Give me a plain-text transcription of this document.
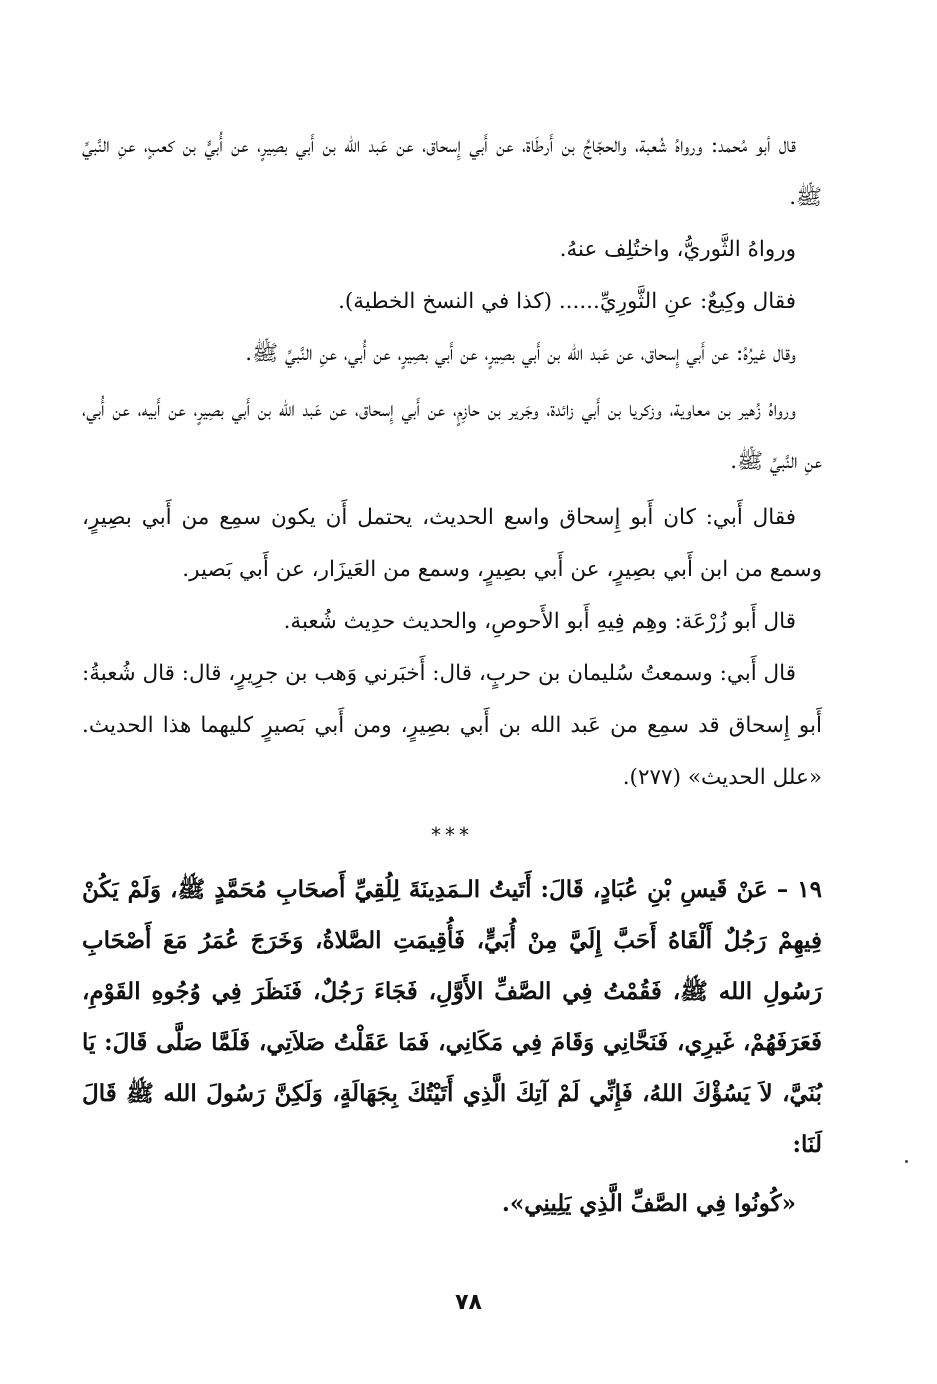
قال أبو مُحمد: ورواهُ شُعبة، والحجّاجُ بن أَرطَاة، عن أَبي إِسحاق، عن عَبد الله بن أَبي بصِيرٍ، عن أُبيٍّ بن كعبٍ، عنِ النَّبيِّ ﷺ.

ورواهُ الثَّوريُّ، واختُلِف عنهُ.

فقال وكِيعٌ: عنِ الثَّورِيِّ...... (كذا في النسخ الخطية).

وقال غيرُهُ: عن أَبي إِسحاق، عن عَبد الله بن أَبي بصِيرٍ، عن أَبي بصِيرٍ، عن أُبي، عنِ النَّبيِّ ﷺ.

ورواهُ زُهير بن معاوية، وزكريا بن أَبي زائدة، وجَرير بن حازِمٍ، عن أَبي إِسحاق، عن عَبد الله بن أَبي بصِيرٍ، عن أَبيه، عن أُبي، عنِ النَّبيِّ ﷺ.

فقال أَبي: كان أَبو إِسحاق واسع الحديث، يحتمل أَن يكون سمِع من أَبي بصِيرٍ، وسمع من ابن أَبي بصِيرٍ، عن أَبي بصِيرٍ، وسمع من العَيزَار، عن أَبي بَصير.

قال أَبو زُرْعَة: وهِم فِيهِ أَبو الأَحوصِ، والحديث حدِيث شُعبة.

قال أَبي: وسمعتُ سُليمان بن حربٍ، قال: أَخبَرني وَهب بن جرِيرٍ، قال: قال شُعبةُ: أَبو إِسحاق قد سمِع من عَبد الله بن أَبي بصِيرٍ، ومن أَبي بَصيرٍ كليهما هذا الحديث. «علل الحديث» (٢٧٧).

***

١٩ – عَنْ قَيسِ بْنِ عُبَادٍ، قَالَ: أَتَيتُ الـمَدِينَةَ لِلُقِيِّ أَصحَابِ مُحَمَّدٍ ﷺ، وَلَمْ يَكُنْ فِيهِمْ رَجُلٌ أَلْقَاهُ أَحَبَّ إِلَيَّ مِنْ أُبَيٍّ، فَأُقِيمَتِ الصَّلاةُ، وَخَرَجَ عُمَرُ مَعَ أَصْحَابِ رَسُولِ الله ﷺ، فَقُمْتُ فِي الصَّفِّ الأَوَّلِ، فَجَاءَ رَجُلٌ، فَنَظَرَ فِي وُجُوهِ القَوْمِ، فَعَرَفَهُمْ، غَيرِي، فَنَحَّانِي وَقَامَ فِي مَكَانِي، فَمَا عَقَلْتُ صَلاَتِي، فَلَمَّا صَلَّى قَالَ: يَا بُنَيَّ، لاَ يَسُؤْكَ اللهُ، فَإِنِّي لَمْ آتِكَ الَّذِي أَتَيْتُكَ بِجَهَالَةٍ، وَلَكِنَّ رَسُولَ الله ﷺ قَالَ لَنَا:

«كُونُوا فِي الصَّفِّ الَّذِي يَلِينِي».

٧٨
